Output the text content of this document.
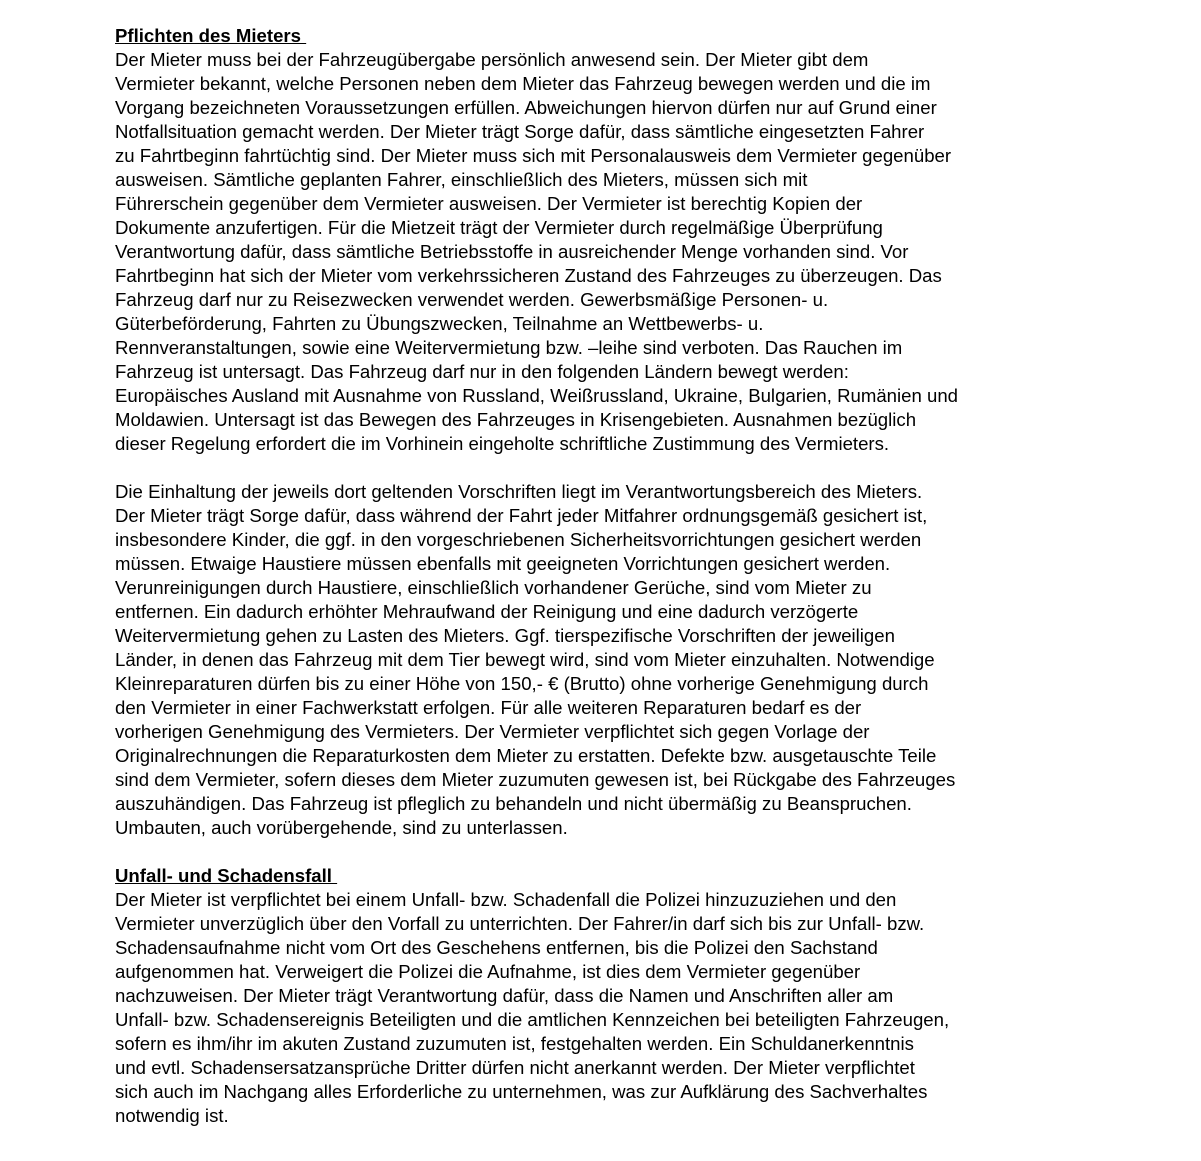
Pflichten des Mieters
Der Mieter muss bei der Fahrzeugübergabe persönlich anwesend sein. Der Mieter gibt dem
Vermieter bekannt, welche Personen neben dem Mieter das Fahrzeug bewegen werden und die im
Vorgang bezeichneten Voraussetzungen erfüllen. Abweichungen hiervon dürfen nur auf Grund einer
Notfallsituation gemacht werden. Der Mieter trägt Sorge dafür, dass sämtliche eingesetzten Fahrer
zu Fahrtbeginn fahrtüchtig sind. Der Mieter muss sich mit Personalausweis dem Vermieter gegenüber
ausweisen. Sämtliche geplanten Fahrer, einschließlich des Mieters, müssen sich mit
Führerschein gegenüber dem Vermieter ausweisen. Der Vermieter ist berechtig Kopien der
Dokumente anzufertigen. Für die Mietzeit trägt der Vermieter durch regelmäßige Überprüfung
Verantwortung dafür, dass sämtliche Betriebsstoffe in ausreichender Menge vorhanden sind. Vor
Fahrtbeginn hat sich der Mieter vom verkehrssicheren Zustand des Fahrzeuges zu überzeugen. Das
Fahrzeug darf nur zu Reisezwecken verwendet werden. Gewerbsmäßige Personen- u.
Güterbeförderung, Fahrten zu Übungszwecken, Teilnahme an Wettbewerbs- u.
Rennveranstaltungen, sowie eine Weitervermietung bzw. –leihe sind verboten. Das Rauchen im
Fahrzeug ist untersagt. Das Fahrzeug darf nur in den folgenden Ländern bewegt werden:
Europäisches Ausland mit Ausnahme von Russland, Weißrussland, Ukraine, Bulgarien, Rumänien und
Moldawien. Untersagt ist das Bewegen des Fahrzeuges in Krisengebieten. Ausnahmen bezüglich
dieser Regelung erfordert die im Vorhinein eingeholte schriftliche Zustimmung des Vermieters.
Die Einhaltung der jeweils dort geltenden Vorschriften liegt im Verantwortungsbereich des Mieters.
Der Mieter trägt Sorge dafür, dass während der Fahrt jeder Mitfahrer ordnungsgemäß gesichert ist,
insbesondere Kinder, die ggf. in den vorgeschriebenen Sicherheitsvorrichtungen gesichert werden
müssen. Etwaige Haustiere müssen ebenfalls mit geeigneten Vorrichtungen gesichert werden.
Verunreinigungen durch Haustiere, einschließlich vorhandener Gerüche, sind vom Mieter zu
entfernen. Ein dadurch erhöhter Mehraufwand der Reinigung und eine dadurch verzögerte
Weitervermietung gehen zu Lasten des Mieters. Ggf. tierspezifische Vorschriften der jeweiligen
Länder, in denen das Fahrzeug mit dem Tier bewegt wird, sind vom Mieter einzuhalten. Notwendige
Kleinreparaturen dürfen bis zu einer Höhe von 150,- € (Brutto) ohne vorherige Genehmigung durch
den Vermieter in einer Fachwerkstatt erfolgen. Für alle weiteren Reparaturen bedarf es der
vorherigen Genehmigung des Vermieters. Der Vermieter verpflichtet sich gegen Vorlage der
Originalrechnungen die Reparaturkosten dem Mieter zu erstatten. Defekte bzw. ausgetauschte Teile
sind dem Vermieter, sofern dieses dem Mieter zuzumuten gewesen ist, bei Rückgabe des Fahrzeuges
auszuhändigen. Das Fahrzeug ist pfleglich zu behandeln und nicht übermäßig zu Beanspruchen.
Umbauten, auch vorübergehende, sind zu unterlassen.
Unfall- und Schadensfall
Der Mieter ist verpflichtet bei einem Unfall- bzw. Schadenfall die Polizei hinzuzuziehen und den
Vermieter unverzüglich über den Vorfall zu unterrichten. Der Fahrer/in darf sich bis zur Unfall- bzw.
Schadensaufnahme nicht vom Ort des Geschehens entfernen, bis die Polizei den Sachstand
aufgenommen hat. Verweigert die Polizei die Aufnahme, ist dies dem Vermieter gegenüber
nachzuweisen. Der Mieter trägt Verantwortung dafür, dass die Namen und Anschriften aller am
Unfall- bzw. Schadensereignis Beteiligten und die amtlichen Kennzeichen bei beteiligten Fahrzeugen,
sofern es ihm/ihr im akuten Zustand zuzumuten ist, festgehalten werden. Ein Schuldanerkenntnis
und evtl. Schadensersatzansprüche Dritter dürfen nicht anerkannt werden. Der Mieter verpflichtet
sich auch im Nachgang alles Erforderliche zu unternehmen, was zur Aufklärung des Sachverhaltes
notwendig ist.
